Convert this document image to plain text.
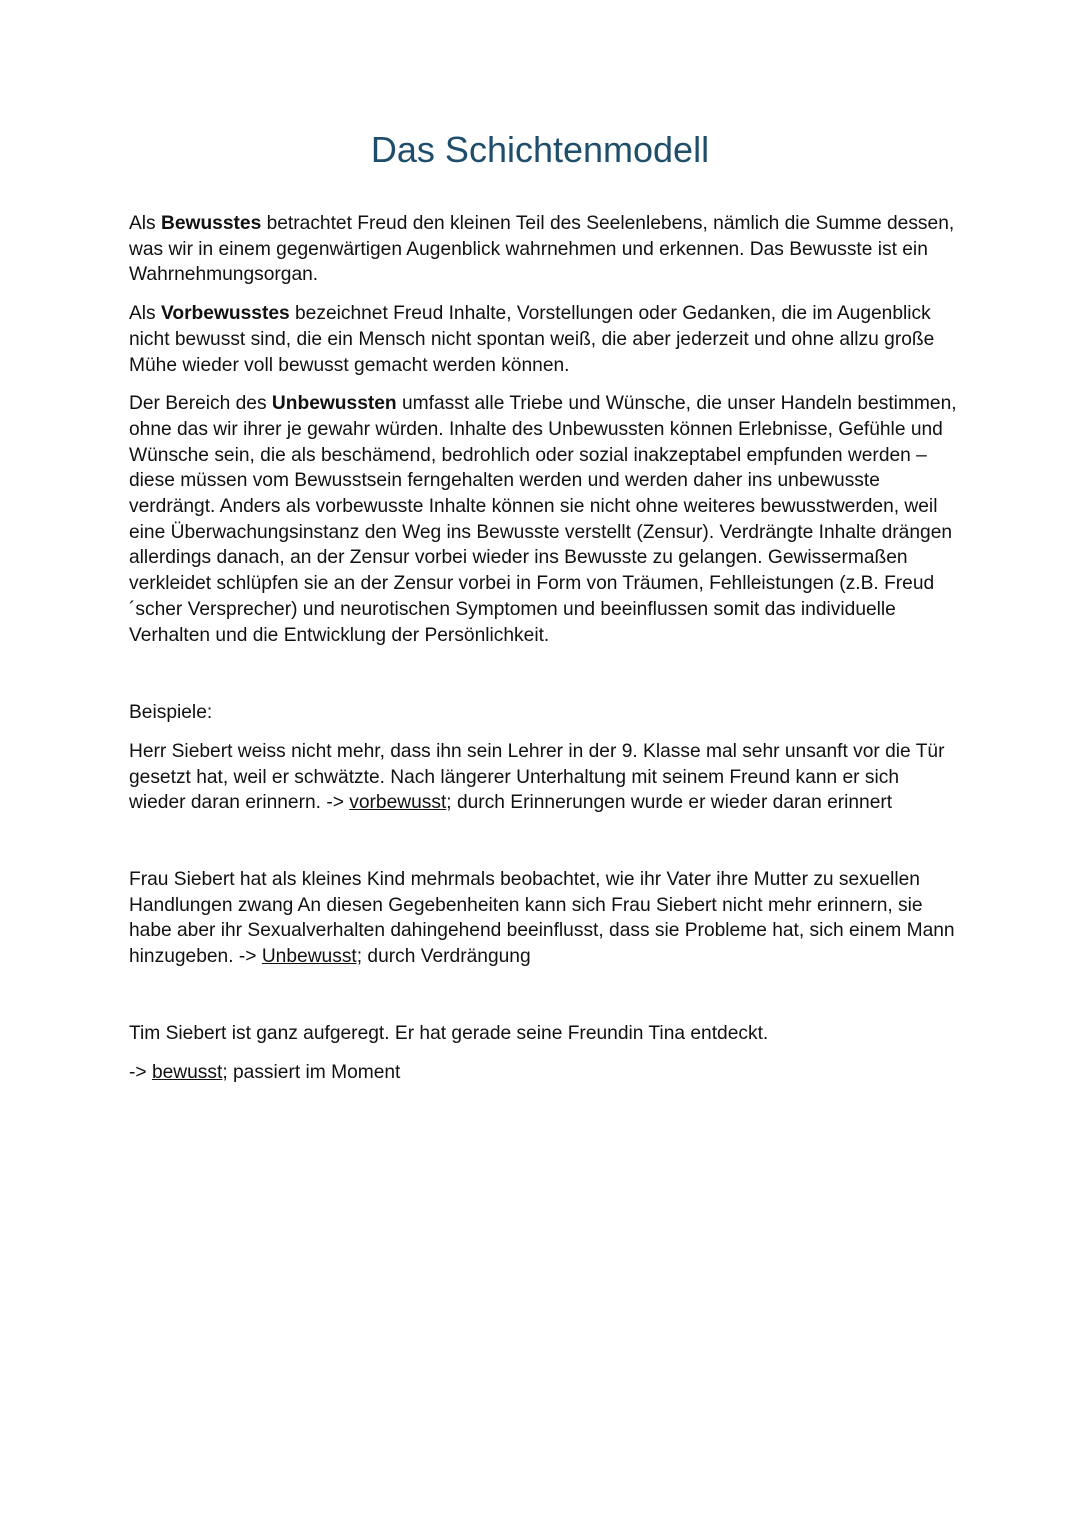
Das Schichtenmodell

Als Bewusstes betrachtet Freud den kleinen Teil des Seelenlebens, nämlich die Summe dessen, was wir in einem gegenwärtigen Augenblick wahrnehmen und erkennen. Das Bewusste ist ein Wahrnehmungsorgan.

Als Vorbewusstes bezeichnet Freud Inhalte, Vorstellungen oder Gedanken, die im Augenblick nicht bewusst sind, die ein Mensch nicht spontan weiß, die aber jederzeit und ohne allzu große Mühe wieder voll bewusst gemacht werden können.

Der Bereich des Unbewussten umfasst alle Triebe und Wünsche, die unser Handeln bestimmen, ohne das wir ihrer je gewahr würden. Inhalte des Unbewussten können Erlebnisse, Gefühle und Wünsche sein, die als beschämend, bedrohlich oder sozial inakzeptabel empfunden werden – diese müssen vom Bewusstsein ferngehalten werden und werden daher ins unbewusste verdrängt. Anders als vorbewusste Inhalte können sie nicht ohne weiteres bewusstwerden, weil eine Überwachungsinstanz den Weg ins Bewusste verstellt (Zensur). Verdrängte Inhalte drängen allerdings danach, an der Zensur vorbei wieder ins Bewusste zu gelangen. Gewissermaßen verkleidet schlüpfen sie an der Zensur vorbei in Form von Träumen, Fehlleistungen (z.B. Freud´scher Versprecher) und neurotischen Symptomen und beeinflussen somit das individuelle Verhalten und die Entwicklung der Persönlichkeit.

Beispiele:

Herr Siebert weiss nicht mehr, dass ihn sein Lehrer in der 9. Klasse mal sehr unsanft vor die Tür gesetzt hat, weil er schwätzte. Nach längerer Unterhaltung mit seinem Freund kann er sich wieder daran erinnern. -> vorbewusst; durch Erinnerungen wurde er wieder daran erinnert

Frau Siebert hat als kleines Kind mehrmals beobachtet, wie ihr Vater ihre Mutter zu sexuellen Handlungen zwang An diesen Gegebenheiten kann sich Frau Siebert nicht mehr erinnern, sie habe aber ihr Sexualverhalten dahingehend beeinflusst, dass sie Probleme hat, sich einem Mann hinzugeben. -> Unbewusst; durch Verdrängung

Tim Siebert ist ganz aufgeregt. Er hat gerade seine Freundin Tina entdeckt.

-> bewusst; passiert im Moment
